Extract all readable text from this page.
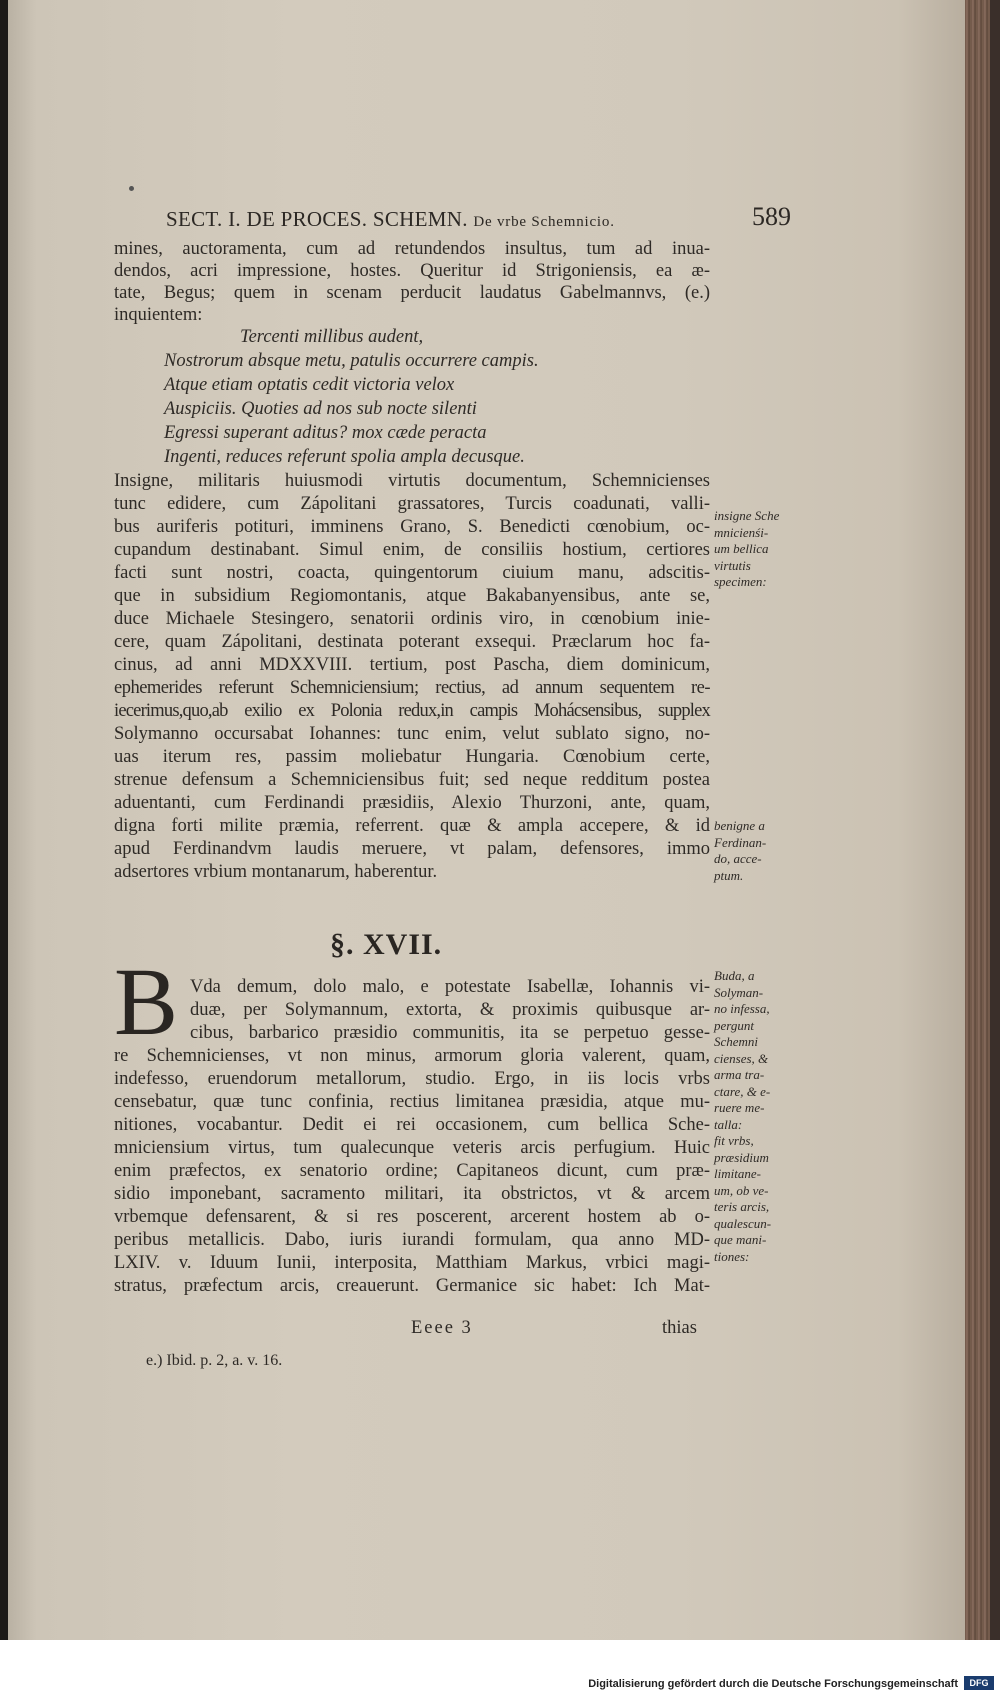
SECT. I. DE PROCES. SCHEMN. De vrbe Schemnicio.	589
mines, auctoramenta, cum ad retundendos insultus, tum ad inua-
dendos, acri impressione, hostes. Queritur id Strigoniensis, ea æ-
tate, Begus; quem in scenam perducit laudatus Gabelmannvs, (e.)
inquientem:
Tercenti millibus audent,
Nostrorum absque metu, patulis occurrere campis.
Atque etiam optatis cedit victoria velox
Auspiciis. Quoties ad nos sub nocte silenti
Egressi superant aditus? mox cæde peracta
Ingenti, reduces referunt spolia ampla decusque.
Insigne, militaris huiusmodi virtutis documentum, Schemnicienses
tunc edidere, cum Zápolitani grassatores, Turcis coadunati, valli-
bus auriferis potituri, imminens Grano, S. Benedicti cœnobium, oc-
cupandum destinabant. Simul enim, de consiliis hostium, certiores
facti sunt nostri, coacta, quingentorum ciuium manu, adscitis-
que in subsidium Regiomontanis, atque Bakabanyensibus, ante se,
duce Michaele Stesingero, senatorii ordinis viro, in cœnobium inie-
cere, quam Zápolitani, destinata poterant exsequi. Præclarum hoc fa-
cinus, ad anni MDXXVIII. tertium, post Pascha, diem dominicum,
ephemerides referunt Schemniciensium; rectius, ad annum sequentem re-
iecerimus,quo,ab exilio ex Polonia redux,in campis Mohácsensibus, supplex
Solymanno occursabat Iohannes: tunc enim, velut sublato signo, no-
uas iterum res, passim moliebatur Hungaria. Cœnobium certe,
strenue defensum a Schemniciensibus fuit; sed neque redditum postea
aduentanti, cum Ferdinandi præsidiis, Alexio Thurzoni, ante, quam,
digna forti milite præmia, referrent. quæ & ampla accepere, & id
apud Ferdinandvm laudis meruere, vt palam, defensores, immo
adsertores vrbium montanarum, haberentur.
§. XVII.
B Vda demum, dolo malo, e potestate Isabellæ, Iohannis vi-
duæ, per Solymannum, extorta, & proximis quibusque ar-
cibus, barbarico præsidio communitis, ita se perpetuo gesse-
re Schemnicienses, vt non minus, armorum gloria valerent, quam,
indefesso, eruendorum metallorum, studio. Ergo, in iis locis vrbs
censebatur, quæ tunc confinia, rectius limitanea præsidia, atque mu-
nitiones, vocabantur. Dedit ei rei occasionem, cum bellica Sche-
mniciensium virtus, tum qualecunque veteris arcis perfugium. Huic
enim præfectos, ex senatorio ordine; Capitaneos dicunt, cum præ-
sidio imponebant, sacramento militari, ita obstrictos, vt & arcem
vrbemque defensarent, & si res poscerent, arcerent hostem ab o-
peribus metallicis. Dabo, iuris iurandi formulam, qua anno MD-
LXIV. v. Iduum Iunii, interposita, Matthiam Markus, vrbici magi-
stratus, præfectum arcis, creauerunt. Germanice sic habet: Ich Mat-
insigne Sche
mnicienśi-
um bellica
virtutis
specimen:
benigne a
Ferdinan-
do, acce-
ptum.
Buda, a
Solyman-
no infessa,
pergunt
Schemni
cienses, &
arma tra-
ctare, & e-
ruere me-
talla:
fit vrbs,
præsidium
limitane-
um, ob ve-
teris arcis,
qualescun-
que mani-
tiones:
Eeee 3	thias
e.) Ibid. p. 2, a. v. 16.
Digitalisierung gefördert durch die Deutsche Forschungsgemeinschaft	DFG
